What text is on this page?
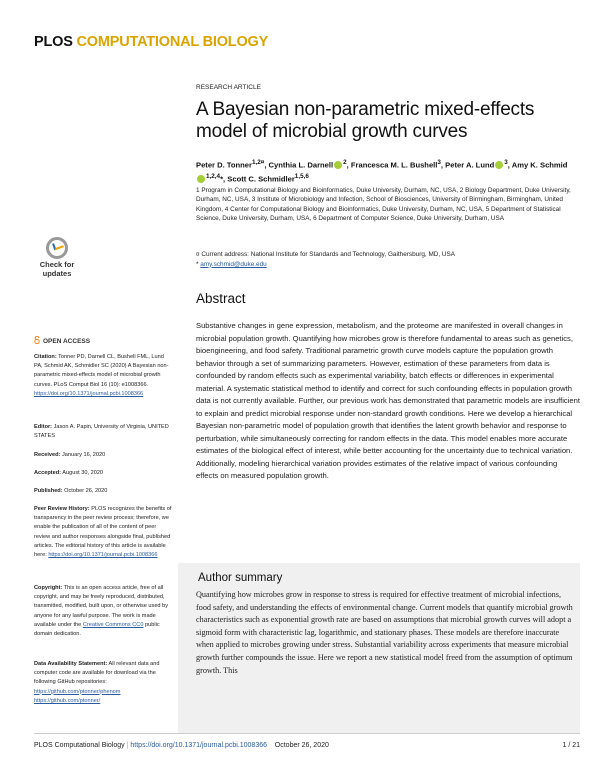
PLOS COMPUTATIONAL BIOLOGY
RESEARCH ARTICLE
A Bayesian non-parametric mixed-effects model of microbial growth curves
Peter D. Tonner$^{1,2¤}$, Cynthia L. Darnell $^2$, Francesca M. L. Bushell$^3$, Peter A. Lund $^3$, Amy K. Schmid$^{1,2,4}$*, Scott C. Schmidler$^{1,5,6}$
1 Program in Computational Biology and Bioinformatics, Duke University, Durham, NC, USA, 2 Biology Department, Duke University, Durham, NC, USA, 3 Institute of Microbiology and Infection, School of Biosciences, University of Birmingham, Birmingham, United Kingdom, 4 Center for Computational Biology and Bioinformatics, Duke University, Durham, NC, USA, 5 Department of Statistical Science, Duke University, Durham, USA, 6 Department of Computer Science, Duke University, Durham, USA
¤ Current address: National Institute for Standards and Technology, Gaithersburg, MD, USA
* amy.schmid@duke.edu
Check for
updates
Abstract

Substantive changes in gene expression, metabolism, and the proteome are manifested in overall changes in microbial population growth. Quantifying how microbes grow is therefore fundamental to areas such as genetics, bioengineering, and food safety. Traditional parametric growth curve models capture the population growth behavior through a set of summarizing parameters. However, estimation of these parameters from data is confounded by random effects such as experimental variability, batch effects or differences in experimental material. A systematic statistical method to identify and correct for such confounding effects in population growth data is not currently available. Further, our previous work has demonstrated that parametric models are insufficient to explain and predict microbial response under non-standard growth conditions. Here we develop a hierarchical Bayesian non-parametric model of population growth that identifies the latent growth behavior and response to perturbation, while simultaneously correcting for random effects in the data. This model enables more accurate estimates of the biological effect of interest, while better accounting for the uncertainty due to technical variation. Additionally, modeling hierarchical variation provides estimates of the relative impact of various confounding effects on measured population growth.

OPEN ACCESS
Citation: Tonner PD, Darnell CL, Bushell FML, Lund PA, Schmid AK, Schmidler SC (2020) A Bayesian non-parametric mixed-effects model of microbial growth curves. PLoS Comput Biol 16 (10): e1008366. https://doi.org/10.1371/journal.pcbi.1008366
Editor: Jason A. Papin, University of Virginia, UNITED STATES
Received: January 16, 2020
Accepted: August 30, 2020
Published: October 26, 2020
Peer Review History: PLOS recognizes the benefits of transparency in the peer review process; therefore, we enable the publication of all of the content of peer review and author responses alongside final, published articles. The editorial history of this article is available here: https://doi.org/10.1371/journal.pcbi.1008366
Copyright: This is an open access article, free of all copyright, and may be freely reproduced, distributed, transmitted, modified, built upon, or otherwise used by anyone for any lawful purpose. The work is made available under the Creative Commons CC0 public domain dedication.
Data Availability Statement: All relevant data and computer code are available for download via the following GitHub repositories: https://github.com/ptonner/phenom https://github.com/ptonner/
Author summary

Quantifying how microbes grow in response to stress is required for effective treatment of microbial infections, food safety, and understanding the effects of environmental change. Current models that quantify microbial growth characteristics such as exponential growth rate are based on assumptions that microbial growth curves will adopt a sigmoid form with characteristic lag, logarithmic, and stationary phases. These models are therefore inaccurate when applied to microbes growing under stress. Substantial variability across experiments that measure microbial growth further compounds the issue. Here we report a new statistical model freed from the assumption of optimum growth. This

PLOS Computational Biology | https://doi.org/10.1371/journal.pcbi.1008366 October 26, 2020	1 / 21
